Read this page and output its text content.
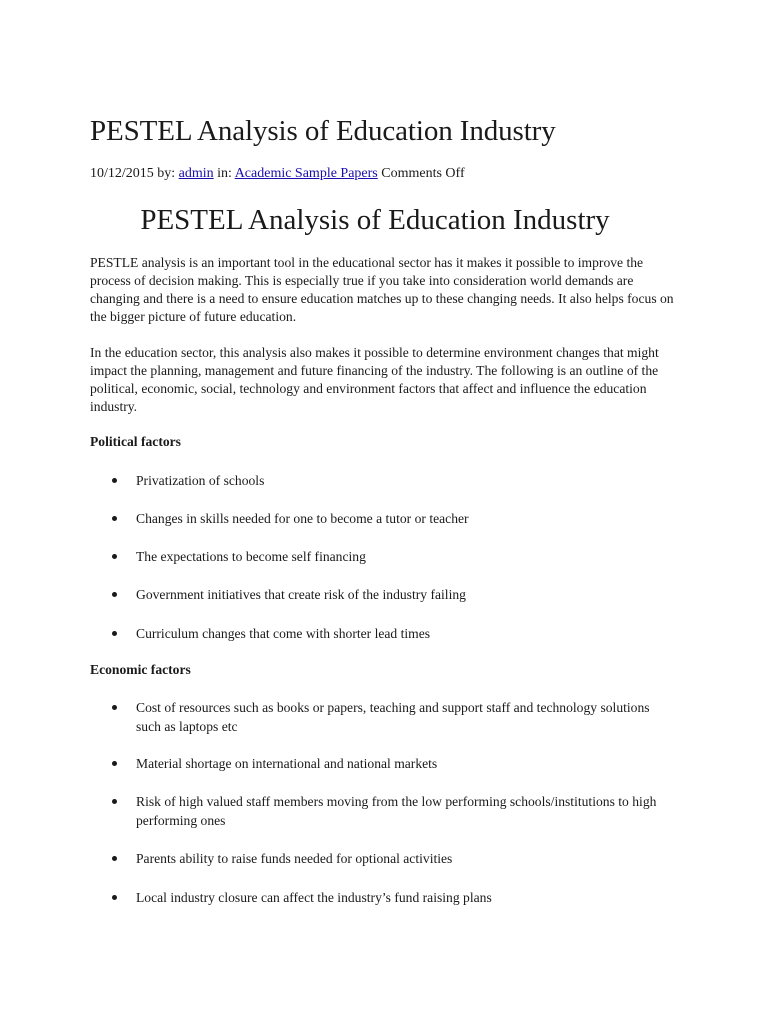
PESTEL Analysis of Education Industry
10/12/2015 by: admin in: Academic Sample Papers Comments Off
PESTEL Analysis of Education Industry

PESTLE analysis is an important tool in the educational sector has it makes it possible to improve the process of decision making. This is especially true if you take into consideration world demands are changing and there is a need to ensure education matches up to these changing needs. It also helps focus on the bigger picture of future education.

In the education sector, this analysis also makes it possible to determine environment changes that might impact the planning, management and future financing of the industry. The following is an outline of the political, economic, social, technology and environment factors that affect and influence the education industry.

Political factors

Privatization of schools
Changes in skills needed for one to become a tutor or teacher
The expectations to become self financing
Government initiatives that create risk of the industry failing
Curriculum changes that come with shorter lead times

Economic factors

Cost of resources such as books or papers, teaching and support staff and technology solutions such as laptops etc
Material shortage on international and national markets
Risk of high valued staff members moving from the low performing schools/institutions to high performing ones
Parents ability to raise funds needed for optional activities
Local industry closure can affect the industry’s fund raising plans
